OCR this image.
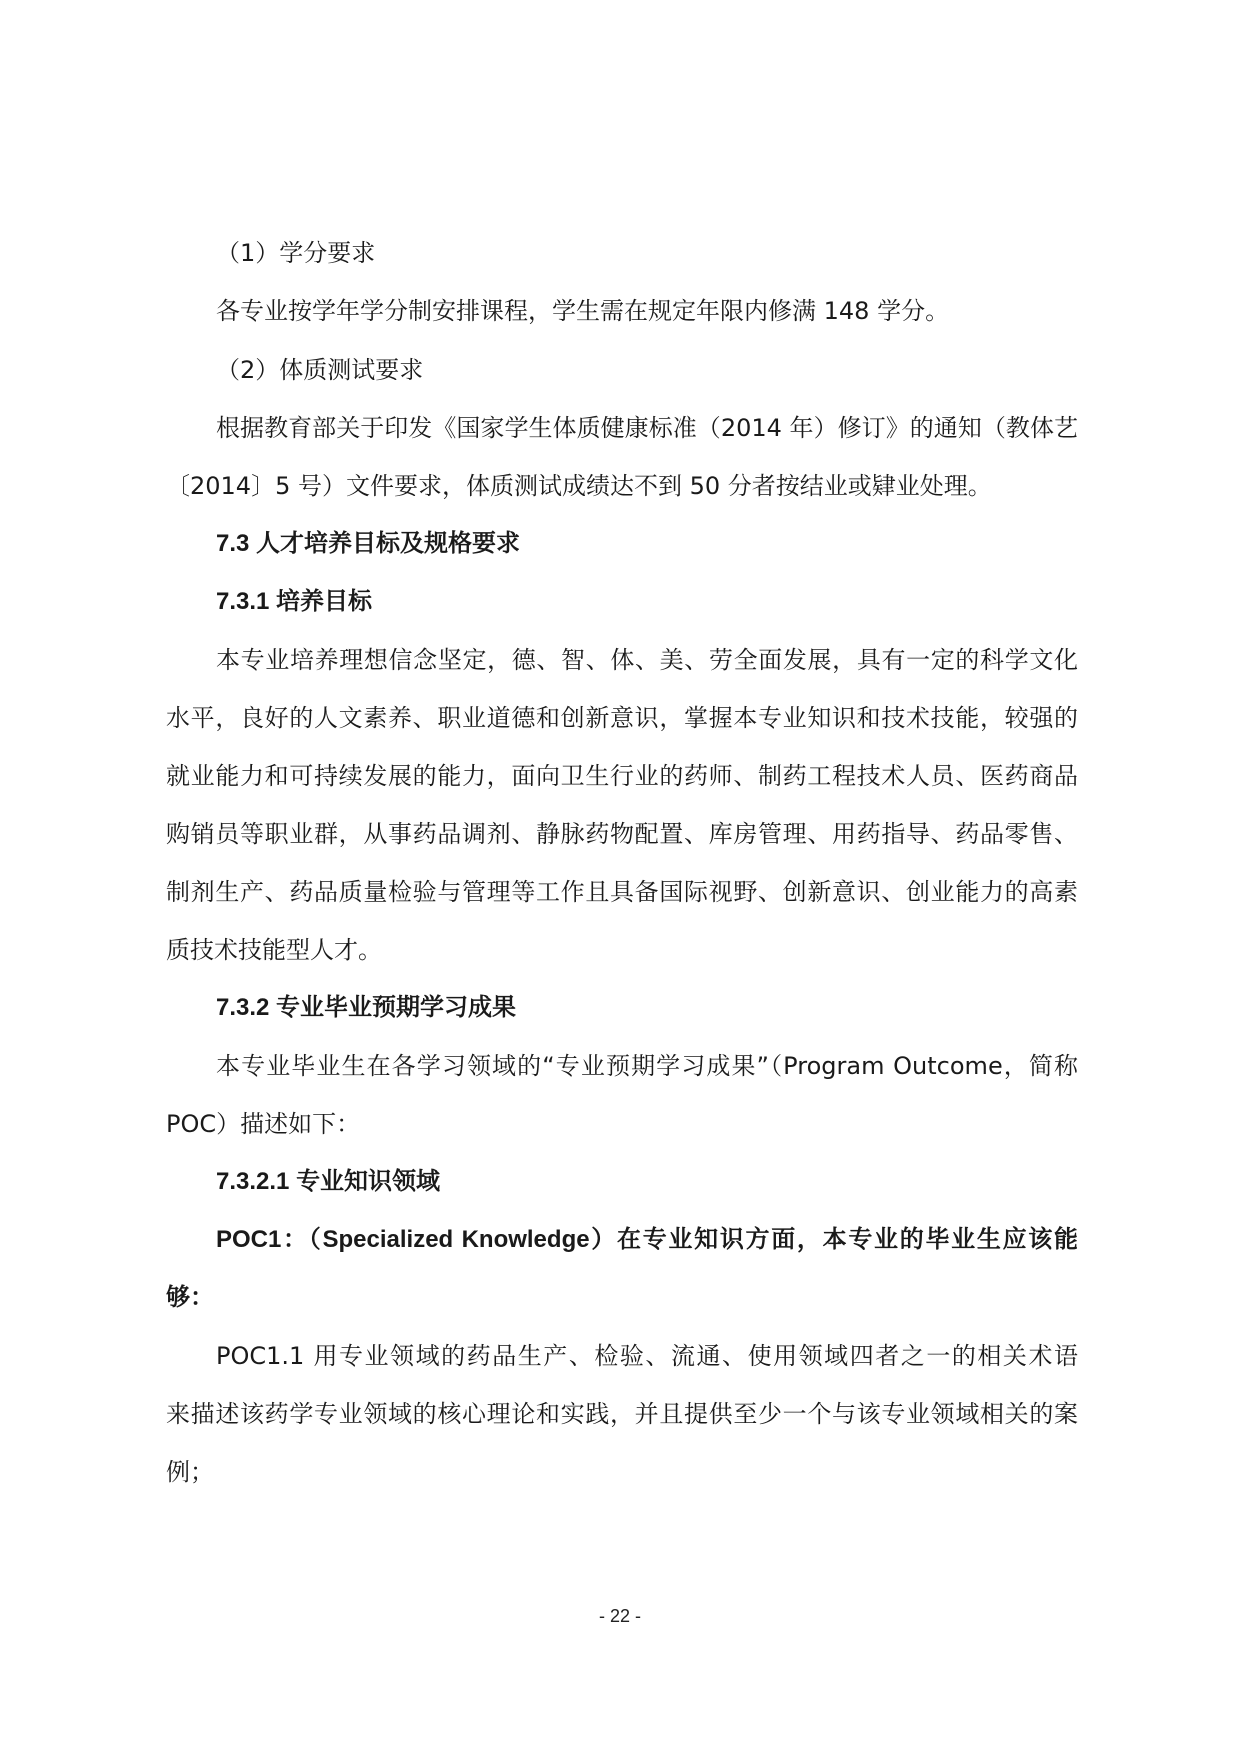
（1）学分要求
各专业按学年学分制安排课程，学生需在规定年限内修满 148 学分。
（2）体质测试要求
根据教育部关于印发《国家学生体质健康标准（2014 年）修订》的通知（教体艺
〔2014〕5 号）文件要求，体质测试成绩达不到 50 分者按结业或肄业处理。
7.3 人才培养目标及规格要求
7.3.1 培养目标
本专业培养理想信念坚定，德、智、体、美、劳全面发展，具有一定的科学文化
水平，良好的人文素养、职业道德和创新意识，掌握本专业知识和技术技能，较强的
就业能力和可持续发展的能力，面向卫生行业的药师、制药工程技术人员、医药商品
购销员等职业群，从事药品调剂、静脉药物配置、库房管理、用药指导、药品零售、
制剂生产、药品质量检验与管理等工作且具备国际视野、创新意识、创业能力的高素
质技术技能型人才。
7.3.2 专业毕业预期学习成果
本专业毕业生在各学习领域的“专业预期学习成果”（Program Outcome，简称
POC）描述如下：
7.3.2.1 专业知识领域
POC1：（Specialized Knowledge）在专业知识方面，本专业的毕业生应该能
够：
POC1.1 用专业领域的药品生产、检验、流通、使用领域四者之一的相关术语
来描述该药学专业领域的核心理论和实践，并且提供至少一个与该专业领域相关的案
例；
- 22 -
